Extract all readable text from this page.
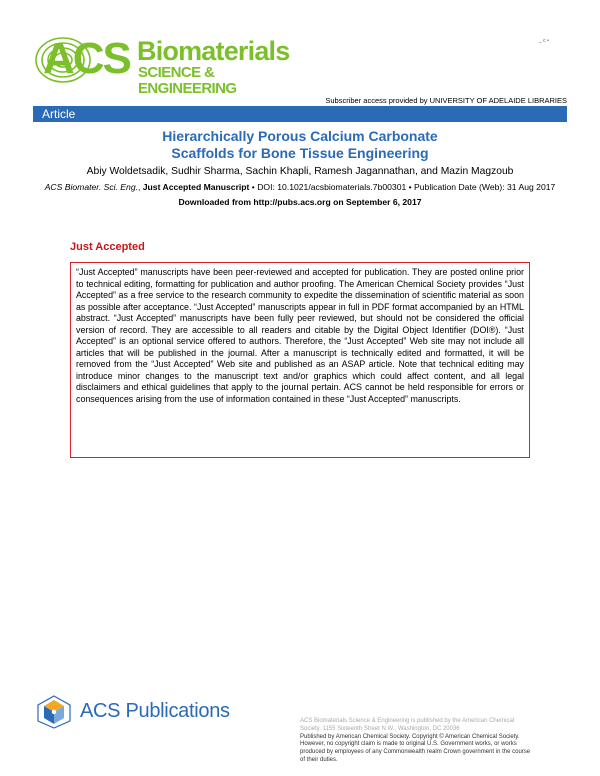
ACS Biomaterials
SCIENCE & ENGINEERING
_ c •
Subscriber access provided by UNIVERSITY OF ADELAIDE LIBRARIES
Article
Hierarchically Porous Calcium Carbonate
Scaffolds for Bone Tissue Engineering
Abiy Woldetsadik, Sudhir Sharma, Sachin Khapli, Ramesh Jagannathan, and Mazin Magzoub
ACS Biomater. Sci. Eng., Just Accepted Manuscript • DOI: 10.1021/acsbiomaterials.7b00301 • Publication Date (Web): 31 Aug 2017
Downloaded from http://pubs.acs.org on September 6, 2017
Just Accepted

“Just Accepted” manuscripts have been peer-reviewed and accepted for publication. They are posted online prior to technical editing, formatting for publication and author proofing. The American Chemical Society provides “Just Accepted” as a free service to the research community to expedite the dissemination of scientific material as soon as possible after acceptance. “Just Accepted” manuscripts appear in full in PDF format accompanied by an HTML abstract. “Just Accepted” manuscripts have been fully peer reviewed, but should not be considered the official version of record. They are accessible to all readers and citable by the Digital Object Identifier (DOI®). “Just Accepted” is an optional service offered to authors. Therefore, the “Just Accepted” Web site may not include all articles that will be published in the journal. After a manuscript is technically edited and formatted, it will be removed from the “Just Accepted” Web site and published as an ASAP article. Note that technical editing may introduce minor changes to the manuscript text and/or graphics which could affect content, and all legal disclaimers and ethical guidelines that apply to the journal pertain. ACS cannot be held responsible for errors or consequences arising from the use of information contained in these “Just Accepted” manuscripts.

ACS Publications	ACS Biomaterials Science & Engineering is published by the American Chemical
Society. 1155 Sixteenth Street N.W., Washington, DC 20036
Published by American Chemical Society. Copyright © American Chemical Society.
However, no copyright claim is made to original U.S. Government works, or works
produced by employees of any Commonwealth realm Crown government in the course
of their duties.
